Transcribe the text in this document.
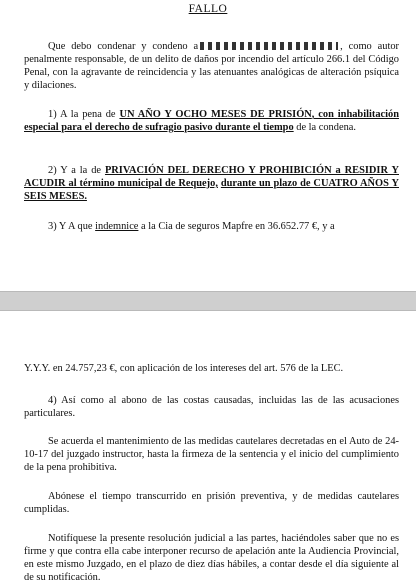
FALLO

Que debo condenar y condeno a	, como autor penalmente responsable, de un delito de daños por incendio del artículo 266.1 del Código Penal, con la agravante de reincidencia y las atenuantes analógicas de alteración psíquica y dilaciones.

1) A la pena de UN AÑO Y OCHO MESES DE PRISIÓN, con inhabilitación especial para el derecho de sufragio pasivo durante el tiempo de la condena.

2) Y a la de PRIVACIÓN DEL DERECHO Y PROHIBICIÓN a RESIDIR Y ACUDIR al término municipal de Requejo, durante un plazo de CUATRO AÑOS Y SEIS MESES.

3) Y A que indemnice a la Cia de seguros Mapfre en 36.652.77 €, y a

Y.Y.Y. en 24.757,23 €, con aplicación de los intereses del art. 576 de la LEC.

4) Así como al abono de las costas causadas, incluidas las de las acusaciones particulares.

Se acuerda el mantenimiento de las medidas cautelares decretadas en el Auto de 24-10-17 del juzgado instructor, hasta la firmeza de la sentencia y el inicio del cumplimiento de la pena prohibitiva.

Abónese el tiempo transcurrido en prisión preventiva, y de medidas cautelares cumplidas.

Notifíquese la presente resolución judicial a las partes, haciéndoles saber que no es firme y que contra ella cabe interponer recurso de apelación ante la Audiencia Provincial, en este mismo Juzgado, en el plazo de diez días hábiles, a contar desde el día siguiente al de su notificación.
